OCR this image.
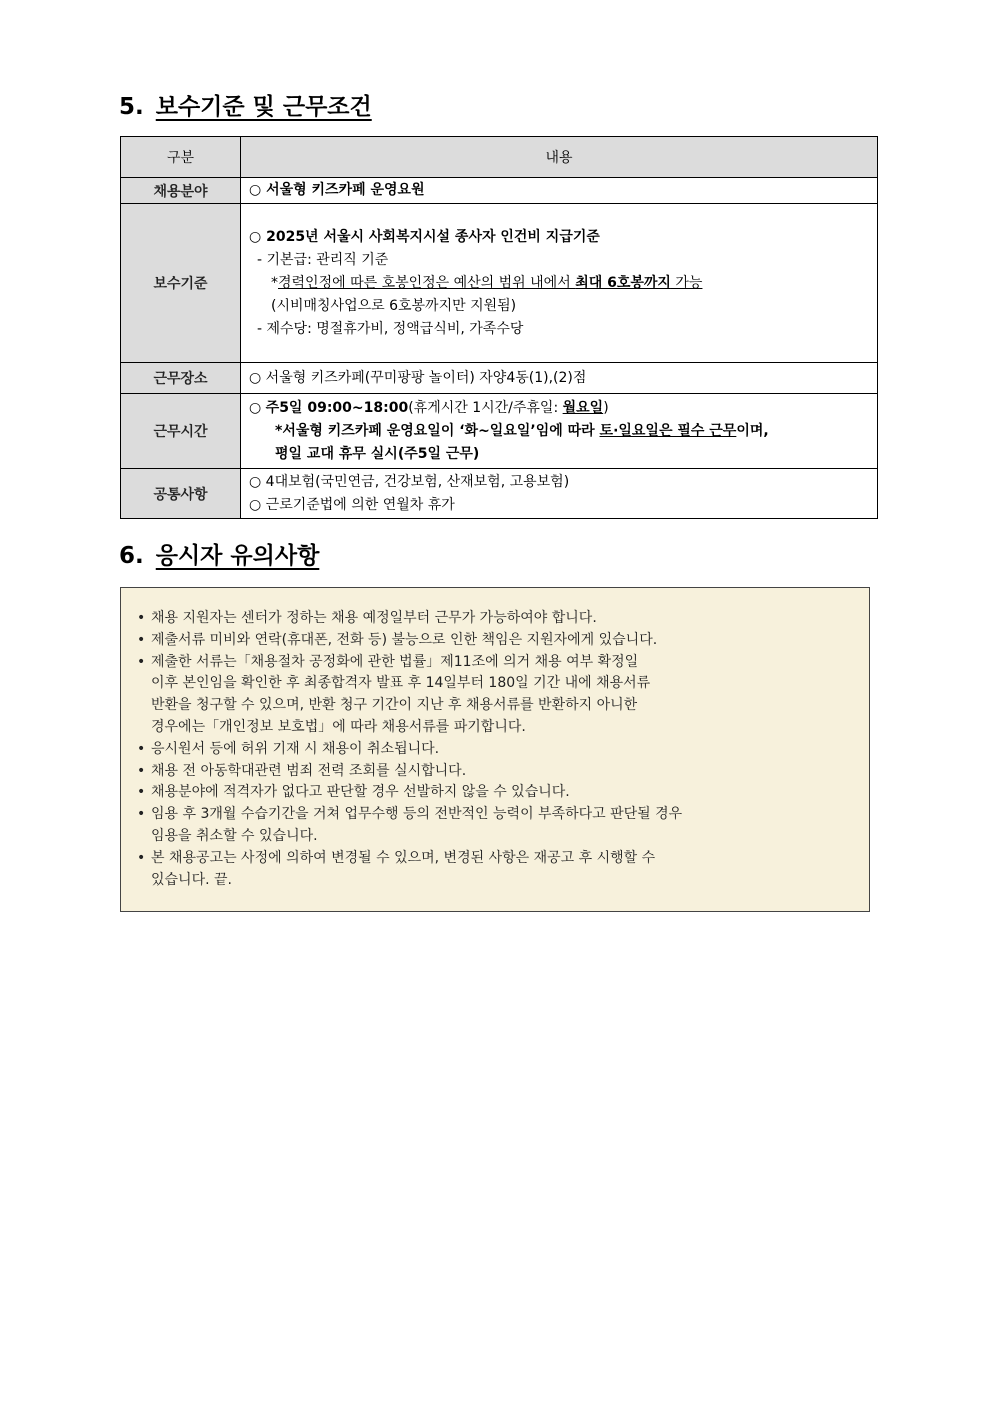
5. 보수기준 및 근무조건
구분	내용
채용분야	○ 서울형 키즈카페 운영요원

보수기준	○ 2025년 서울시 사회복지시설 종사자 인건비 지급기준
- 기본급: 관리직 기준
*경력인정에 따른 호봉인정은 예산의 범위 내에서 최대 6호봉까지 가능
(시비매칭사업으로 6호봉까지만 지원됨)
- 제수당: 명절휴가비, 정액급식비, 가족수당

근무장소	○ 서울형 키즈카페(꾸미팡팡 놀이터) 자양4동(1),(2)점

근무시간	○ 주5일 09:00~18:00(휴게시간 1시간/주휴일: 월요일)
*서울형 키즈카페 운영요일이 ‘화~일요일’임에 따라 토·일요일은 필수 근무이며,
평일 교대 휴무 실시(주5일 근무)

공통사항	○ 4대보험(국민연금, 건강보험, 산재보험, 고용보험)
○ 근로기준법에 의한 연월차 휴가
6. 응시자 유의사항
• 채용 지원자는 센터가 정하는 채용 예정일부터 근무가 가능하여야 합니다.
• 제출서류 미비와 연락(휴대폰, 전화 등) 불능으로 인한 책임은 지원자에게 있습니다.
• 제출한 서류는「채용절차 공정화에 관한 법률」제11조에 의거 채용 여부 확정일
이후 본인임을 확인한 후 최종합격자 발표 후 14일부터 180일 기간 내에 채용서류
반환을 청구할 수 있으며, 반환 청구 기간이 지난 후 채용서류를 반환하지 아니한
경우에는「개인정보 보호법」에 따라 채용서류를 파기합니다.
• 응시원서 등에 허위 기재 시 채용이 취소됩니다.
• 채용 전 아동학대관련 범죄 전력 조회를 실시합니다.
• 채용분야에 적격자가 없다고 판단할 경우 선발하지 않을 수 있습니다.
• 임용 후 3개월 수습기간을 거쳐 업무수행 등의 전반적인 능력이 부족하다고 판단될 경우
임용을 취소할 수 있습니다.
• 본 채용공고는 사정에 의하여 변경될 수 있으며, 변경된 사항은 재공고 후 시행할 수
있습니다. 끝.
